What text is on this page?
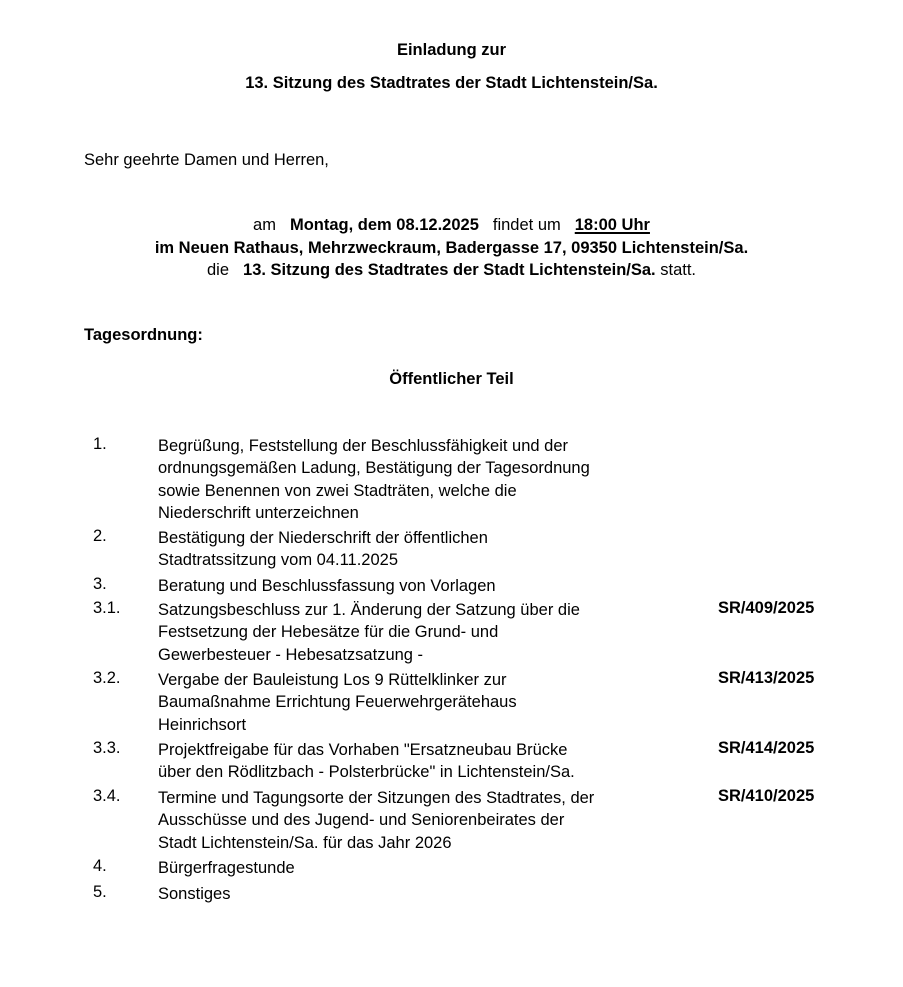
Einladung zur
13. Sitzung des Stadtrates der Stadt Lichtenstein/Sa.
Sehr geehrte Damen und Herren,
am Montag, dem 08.12.2025 findet um 18:00 Uhr
im Neuen Rathaus, Mehrzweckraum, Badergasse 17, 09350 Lichtenstein/Sa.
die 13. Sitzung des Stadtrates der Stadt Lichtenstein/Sa. statt.
Tagesordnung:
Öffentlicher Teil
1.	Begrüßung, Feststellung der Beschlussfähigkeit und der
ordnungsgemäßen Ladung, Bestätigung der Tagesordnung
sowie Benennen von zwei Stadträten, welche die
Niederschrift unterzeichnen
2.	Bestätigung der Niederschrift der öffentlichen
Stadtratssitzung vom 04.11.2025
3.	Beratung und Beschlussfassung von Vorlagen
3.1. Satzungsbeschluss zur 1. Änderung der Satzung über die
Festsetzung der Hebesätze für die Grund- und
Gewerbesteuer - Hebesatzsatzung -
SR/409/2025
3.2. Vergabe der Bauleistung Los 9 Rüttelklinker zur
Baumaßnahme Errichtung Feuerwehrgerätehaus
Heinrichsort
SR/413/2025
3.3. Projektfreigabe für das Vorhaben "Ersatzneubau Brücke
über den Rödlitzbach - Polsterbrücke" in Lichtenstein/Sa.
SR/414/2025
3.4. Termine und Tagungsorte der Sitzungen des Stadtrates, der
Ausschüsse und des Jugend- und Seniorenbeirates der
Stadt Lichtenstein/Sa. für das Jahr 2026
SR/410/2025
4.	Bürgerfragestunde
5.	Sonstiges
